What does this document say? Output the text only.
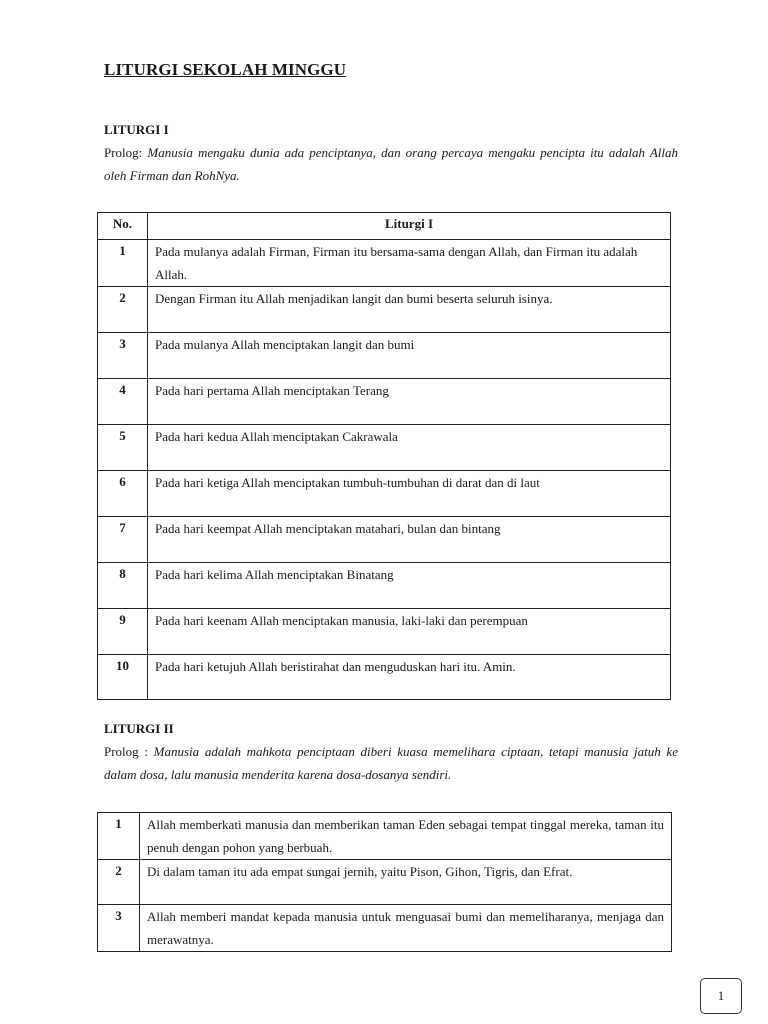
LITURGI SEKOLAH MINGGU
LITURGI I

Prolog: Manusia mengaku dunia ada penciptanya, dan orang percaya mengaku pencipta itu adalah Allah oleh Firman dan RohNya.

No.	Liturgi I
1	Pada mulanya adalah Firman, Firman itu bersama-sama dengan Allah, dan Firman itu adalah Allah.
2	Dengan Firman itu Allah menjadikan langit dan bumi beserta seluruh isinya.
3	Pada mulanya Allah menciptakan langit dan bumi
4	Pada hari pertama Allah menciptakan Terang
5	Pada hari kedua Allah menciptakan Cakrawala
6	Pada hari ketiga Allah menciptakan tumbuh-tumbuhan di darat dan di laut
7	Pada hari keempat Allah menciptakan matahari, bulan dan bintang
8	Pada hari kelima Allah menciptakan Binatang
9	Pada hari keenam Allah menciptakan manusia, laki-laki dan perempuan
10	Pada hari ketujuh Allah beristirahat dan menguduskan hari itu. Amin.
LITURGI II

Prolog : Manusia adalah mahkota penciptaan diberi kuasa memelihara ciptaan, tetapi manusia jatuh ke dalam dosa, lalu manusia menderita karena dosa-dosanya sendiri.

1	Allah memberkati manusia dan memberikan taman Eden sebagai tempat tinggal mereka, taman itu penuh dengan pohon yang berbuah.
2	Di dalam taman itu ada empat sungai jernih, yaitu Pison, Gihon, Tigris, dan Efrat.
3	Allah memberi mandat kepada manusia untuk menguasai bumi dan memeliharanya, menjaga dan merawatnya.
1
